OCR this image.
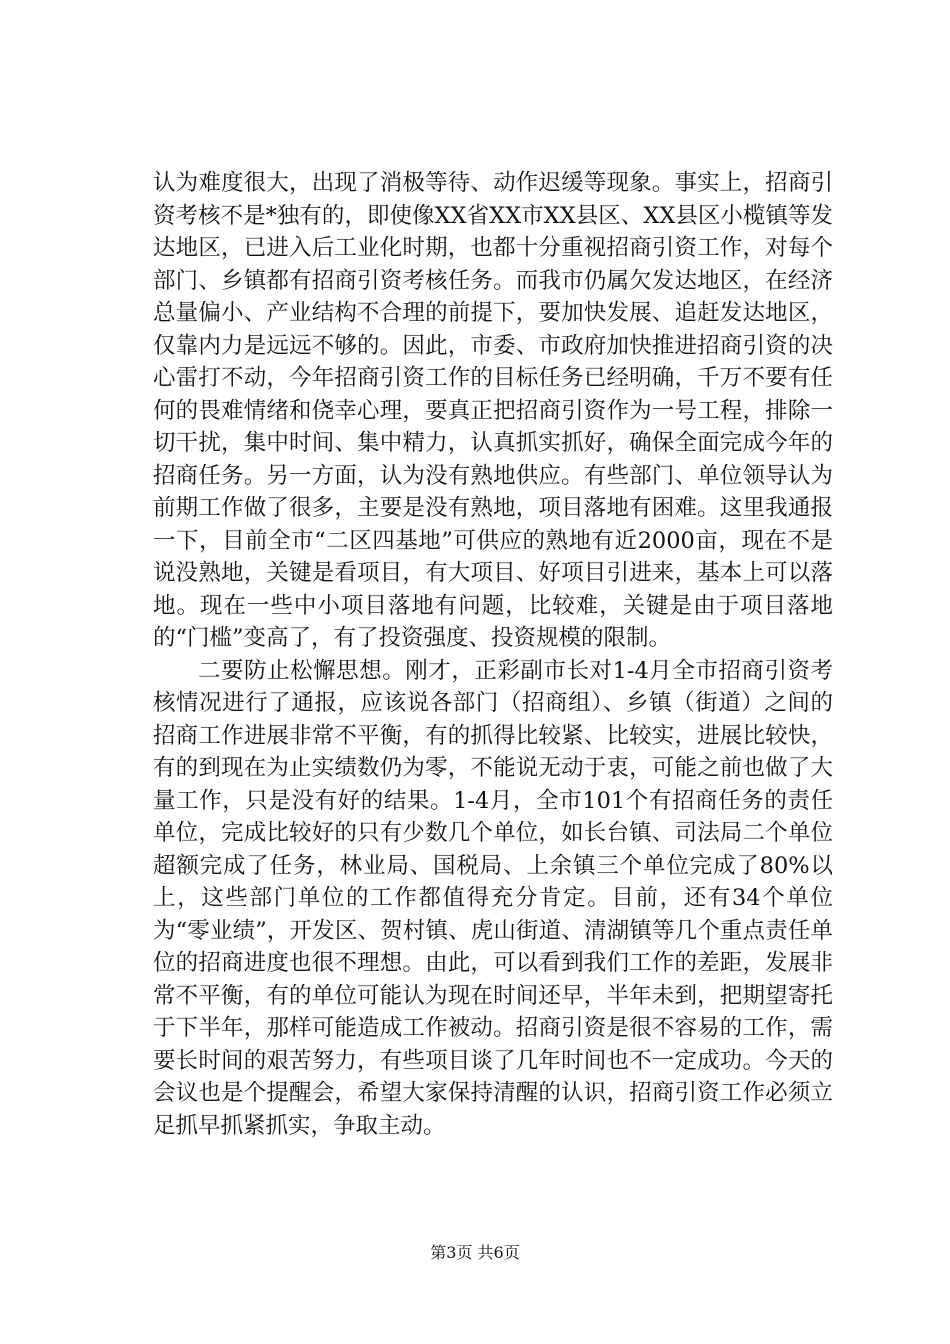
认为难度很大，出现了消极等待、动作迟缓等现象。事实上，招商引资考核不是*独有的，即使像XX省XX市XX县区、XX县区小榄镇等发达地区，已进入后工业化时期，也都十分重视招商引资工作，对每个部门、乡镇都有招商引资考核任务。而我市仍属欠发达地区，在经济总量偏小、产业结构不合理的前提下，要加快发展、追赶发达地区，仅靠内力是远远不够的。因此，市委、市政府加快推进招商引资的决心雷打不动，今年招商引资工作的目标任务已经明确，千万不要有任何的畏难情绪和侥幸心理，要真正把招商引资作为一号工程，排除一切干扰，集中时间、集中精力，认真抓实抓好，确保全面完成今年的招商任务。另一方面，认为没有熟地供应。有些部门、单位领导认为前期工作做了很多，主要是没有熟地，项目落地有困难。这里我通报一下，目前全市“二区四基地”可供应的熟地有近2000亩，现在不是说没熟地，关键是看项目，有大项目、好项目引进来，基本上可以落地。现在一些中小项目落地有问题，比较难，关键是由于项目落地的“门槛”变高了，有了投资强度、投资规模的限制。

二要防止松懈思想。刚才，正彩副市长对1-4月全市招商引资考核情况进行了通报，应该说各部门（招商组）、乡镇（街道）之间的招商工作进展非常不平衡，有的抓得比较紧、比较实，进展比较快，有的到现在为止实绩数仍为零，不能说无动于衷，可能之前也做了大量工作，只是没有好的结果。1-4月，全市101个有招商任务的责任单位，完成比较好的只有少数几个单位，如长台镇、司法局二个单位超额完成了任务，林业局、国税局、上余镇三个单位完成了80%以上，这些部门单位的工作都值得充分肯定。目前，还有34个单位为“零业绩”，开发区、贺村镇、虎山街道、清湖镇等几个重点责任单位的招商进度也很不理想。由此，可以看到我们工作的差距，发展非常不平衡，有的单位可能认为现在时间还早，半年未到，把期望寄托于下半年，那样可能造成工作被动。招商引资是很不容易的工作，需要长时间的艰苦努力，有些项目谈了几年时间也不一定成功。今天的会议也是个提醒会，希望大家保持清醒的认识，招商引资工作必须立足抓早抓紧抓实，争取主动。

第3页 共6页
